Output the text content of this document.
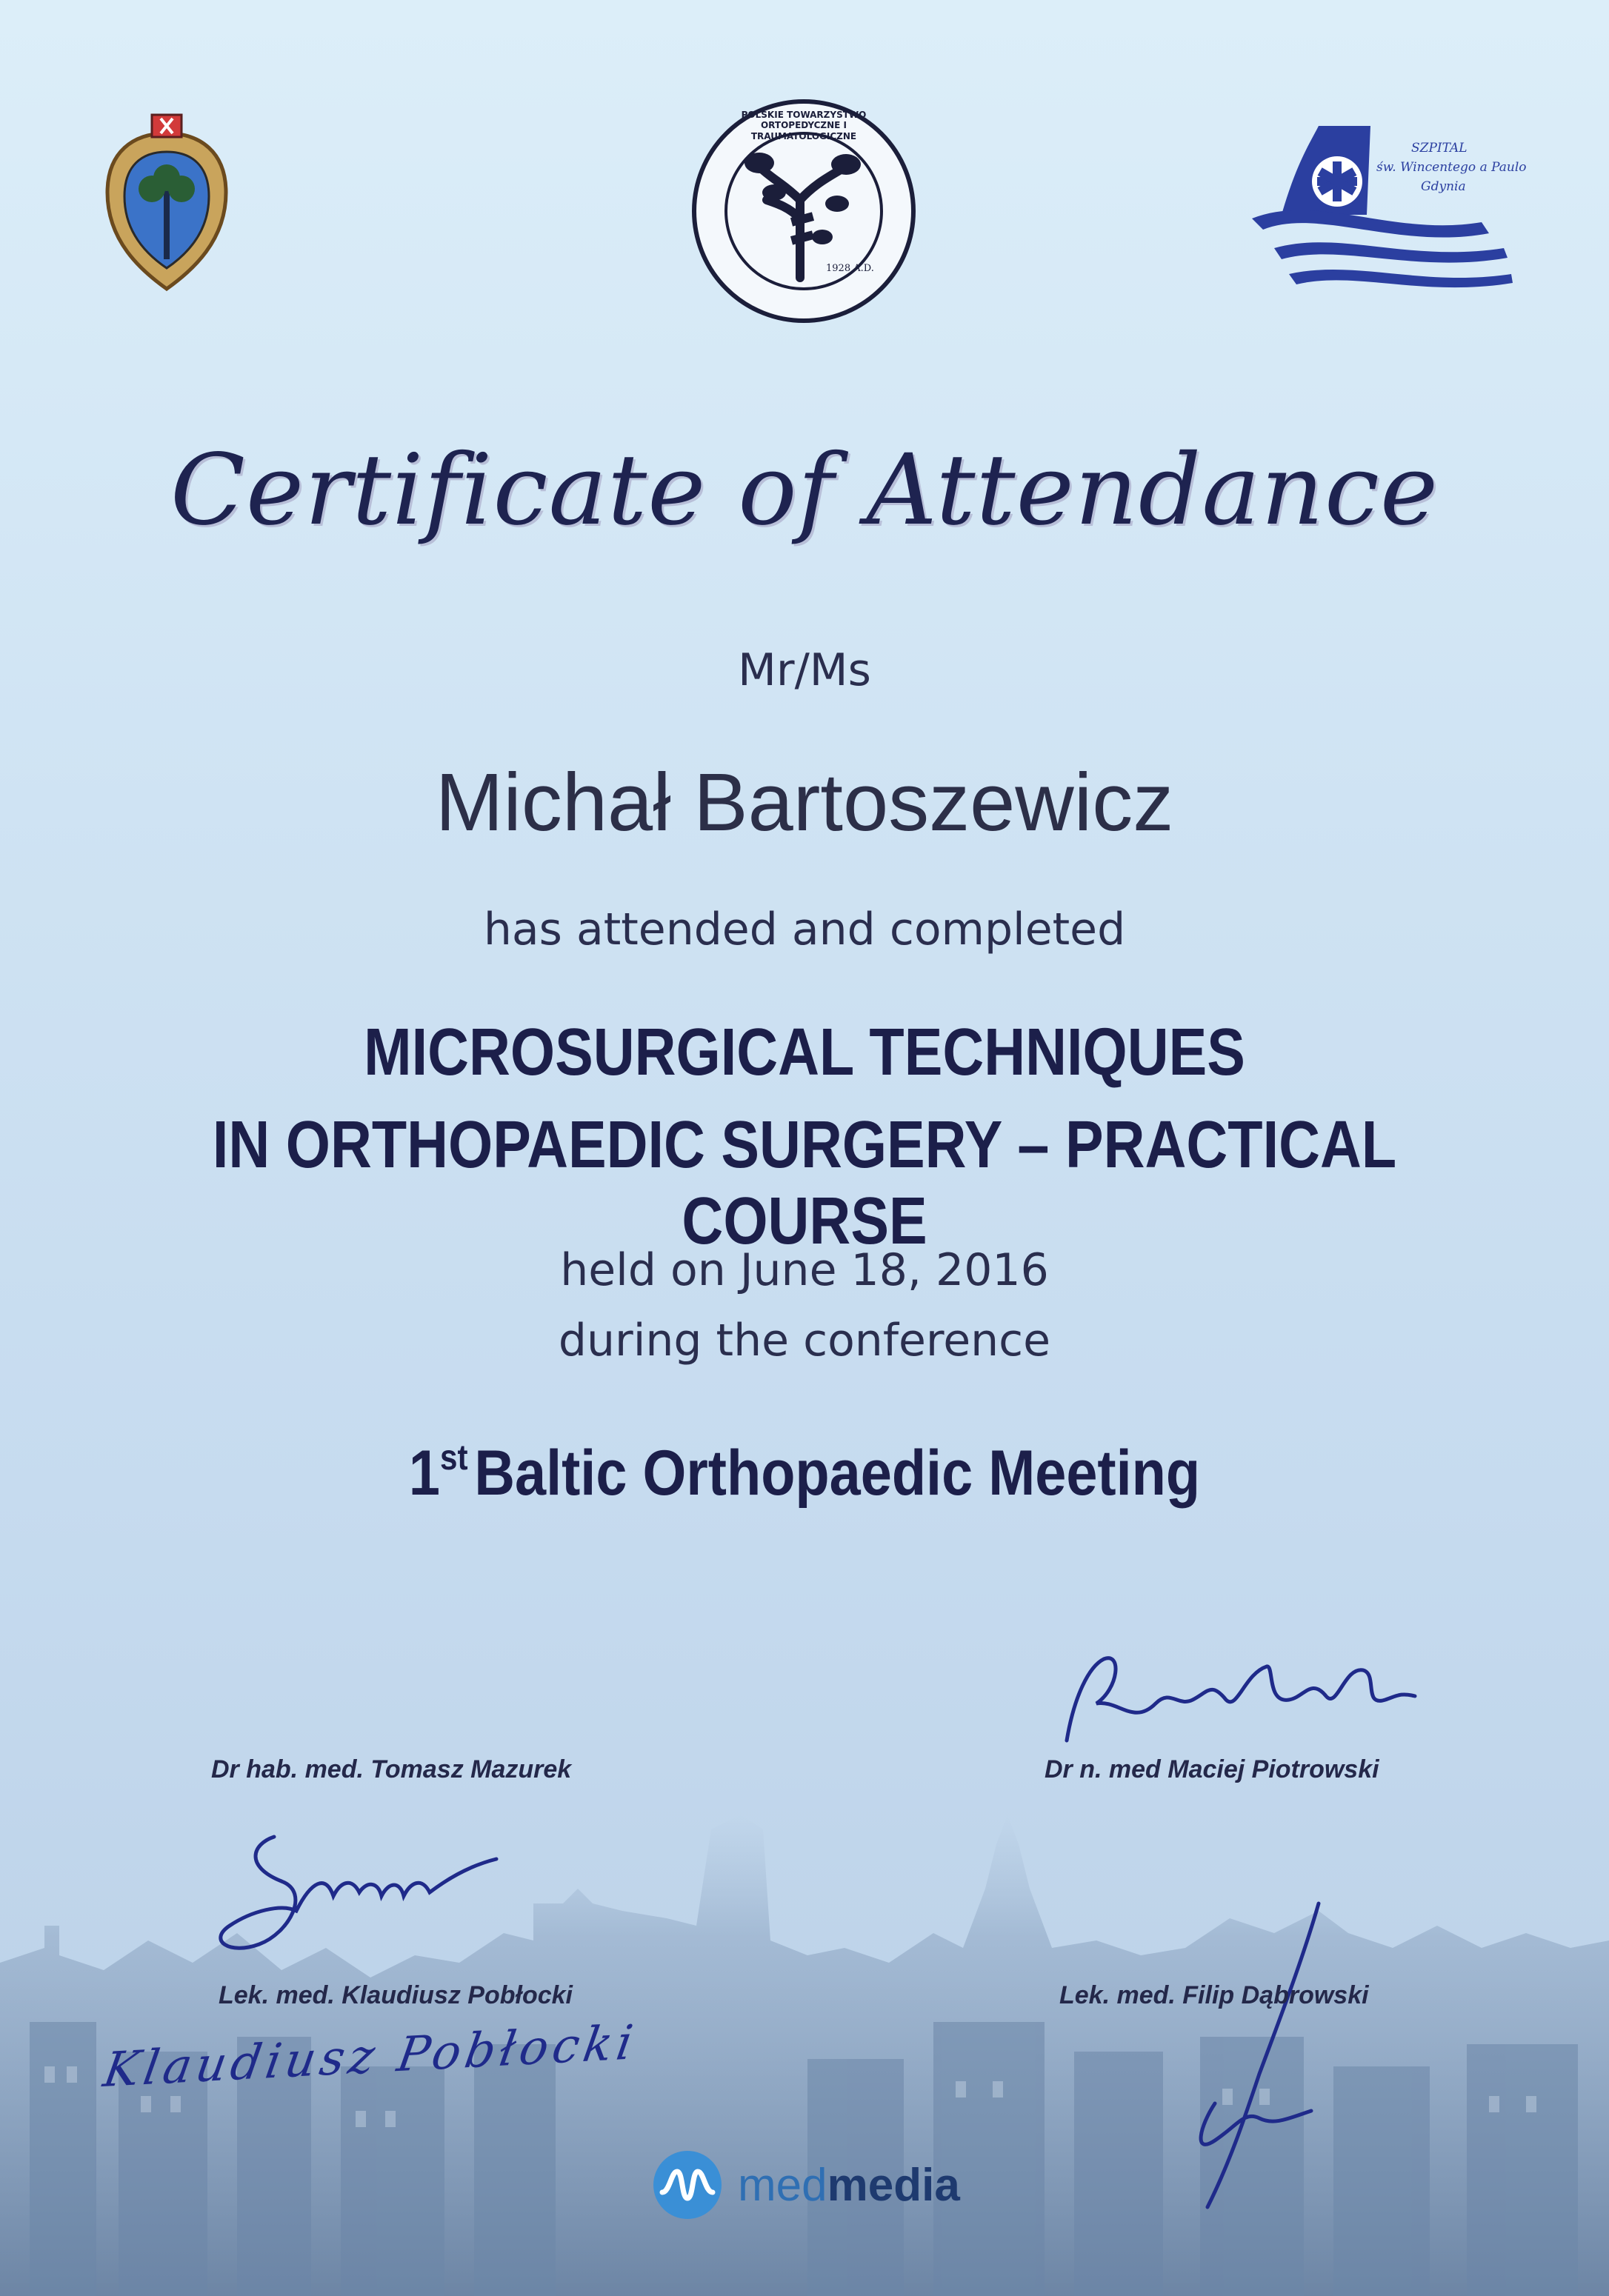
POLSKIE TOWARZYSTWO ORTOPEDYCZNE I TRAUMATOLOGICZNE
1928 A.D.
SZPITAL
św. Wincentego a Paulo
Gdynia
Certificate of Attendance
Mr/Ms
Michał Bartoszewicz
has attended and completed
MICROSURGICAL TECHNIQUES
IN ORTHOPAEDIC SURGERY – PRACTICAL COURSE
held on June 18, 2016
during the conference
1st Baltic Orthopaedic Meeting
Klaudiusz Pobłocki
Dr hab. med. Tomasz Mazurek	Dr n. med Maciej Piotrowski
Lek. med. Klaudiusz Pobłocki	Lek. med. Filip Dąbrowski
medmedia
